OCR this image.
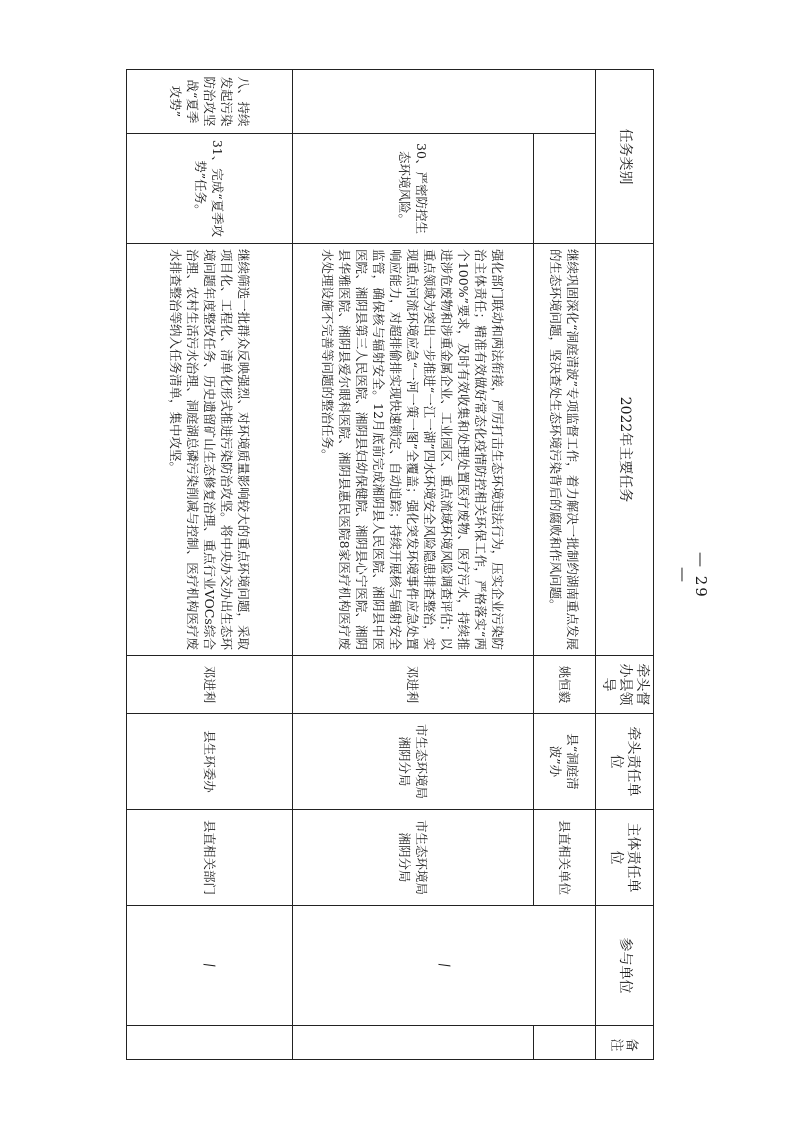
任务类别		2022年主要任务	牵头督办县领导	牵头责任单 位	主体责任单 位	参与单位	备注

		继续巩固深化“洞庭清波”专项监督工作，着力解决一批制约湖南重点发展的生态环境问题，坚决查处生态环境污染背后的腐败和作风问题。	姚恒毅	县“洞庭清波”办	县直相关单位	/	
	30、严密防控生态环境风险。	强化部门联动和两法衔接，严厉打击生态环境违法行为，压实企业污染防治主体责任；精准有效做好常态化疫情防控相关环保工作，严格落实“两个100%”要求，及时有效收集和处理处置医疗废物、医疗污水，持续推进涉危废物和涉重金属企业、工业园区、重点流域环境风险调查评估；以重点领域为突出一步推进“一江一湖”四水环境安全风险隐患排查整治，实现重点河流环境应急“一河一策一图”全覆盖；强化突发环境事件应急处置响应能力，对超排偷排实现快速锁定、自动追踪；持续开展核与辐射安全监管，确保核与辐射安全。12月底前完成湘阴县人民医院、湘阴县中医医院、湘阴县第三人民医院、湘阴县妇幼保健院、湘阴县心宁医院、湘阴县华雅医院、湘阴县爱尔眼科医院、湘阴县惠民医院8家医疗机构医疗废水处理设施不完善等问题的整治任务。	邓进利	市生态环境局湘阴分局	市生态环境局湘阴分局		
八、持续发起污染防治攻坚战“夏季攻势”	31、完成“夏季攻势”任务。	继续筛选一批群众反映强烈、对环境质量影响较大的重点环境问题，采取项目化、工程化、清单化形式推进污染防治攻坚。将中央办交办出生态环境问题年度整改任务、历史遗留矿山生态修复治理、重点行业VOCs综合治理、农村生活污水治理、洞庭湖总磷污染削减与控制、医疗机构医疗废水排查整治等纳入任务清单，集中攻坚。	邓进利	县生环委办	县直相关部门	/	
— 29 —
